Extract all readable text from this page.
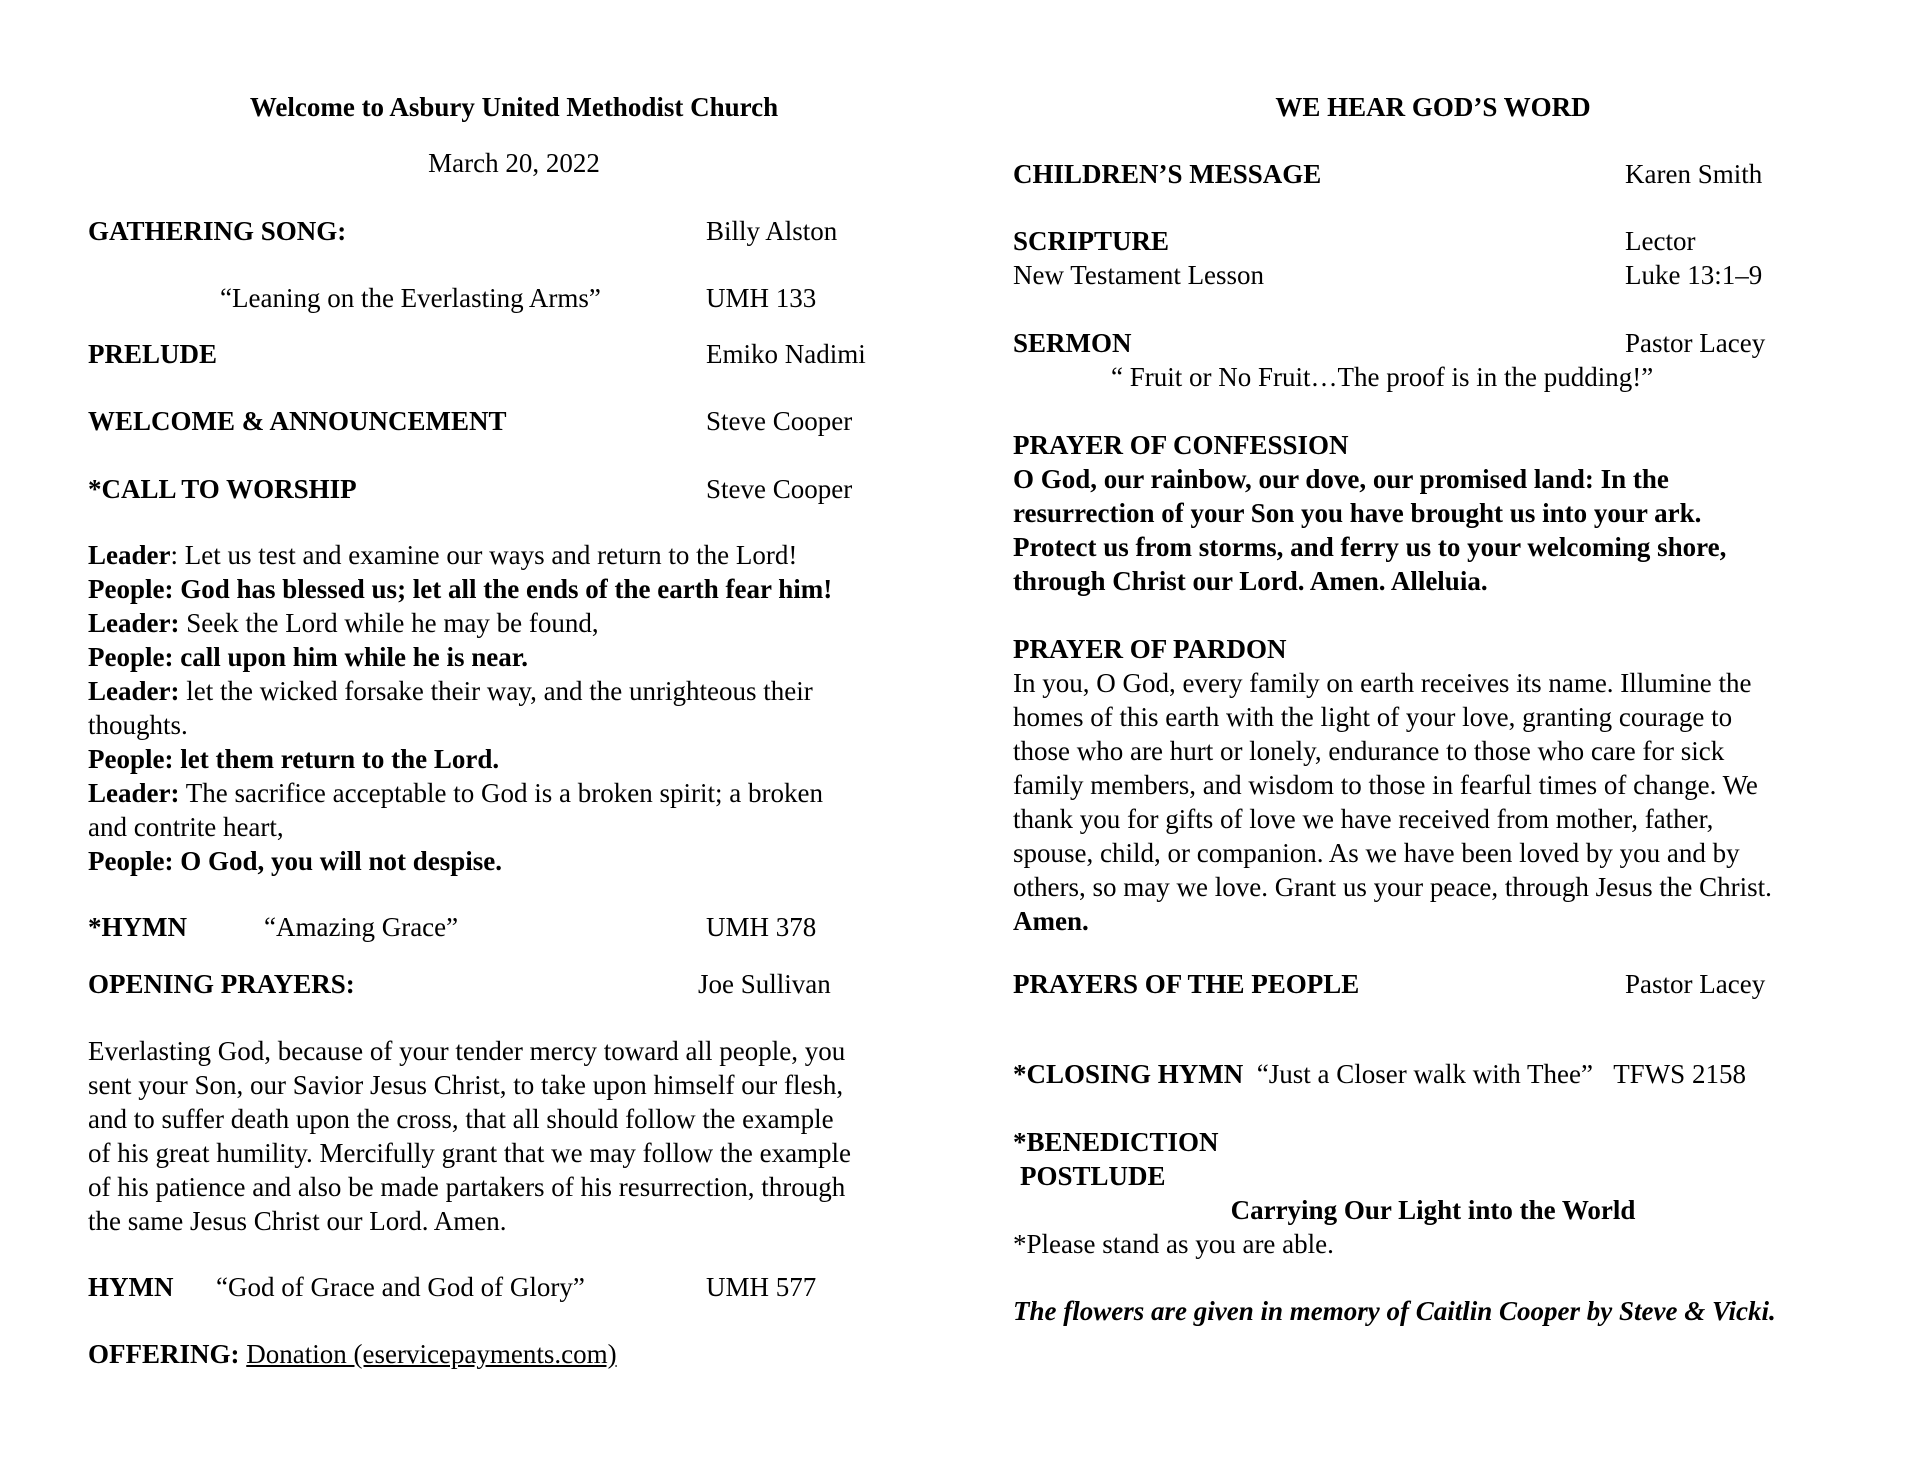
Welcome to Asbury United Methodist Church
March 20, 2022
GATHERING SONG:	Billy Alston
“Leaning on the Everlasting Arms”	UMH 133
PRELUDE	Emiko Nadimi
WELCOME & ANNOUNCEMENT	Steve Cooper
*CALL TO WORSHIP	Steve Cooper
Leader: Let us test and examine our ways and return to the Lord!
People: God has blessed us; let all the ends of the earth fear him!
Leader: Seek the Lord while he may be found,
People: call upon him while he is near.
Leader: let the wicked forsake their way, and the unrighteous their
thoughts.
People: let them return to the Lord.
Leader: The sacrifice acceptable to God is a broken spirit; a broken
and contrite heart,
People: O God, you will not despise.
*HYMN	“Amazing Grace”	UMH 378
OPENING PRAYERS:	Joe Sullivan
Everlasting God, because of your tender mercy toward all people, you
sent your Son, our Savior Jesus Christ, to take upon himself our flesh,
and to suffer death upon the cross, that all should follow the example
of his great humility. Mercifully grant that we may follow the example
of his patience and also be made partakers of his resurrection, through
the same Jesus Christ our Lord. Amen.
HYMN “God of Grace and God of Glory”	UMH 577
OFFERING: Donation (eservicepayments.com)
WE HEAR GOD’S WORD
CHILDREN’S MESSAGE	Karen Smith
SCRIPTURE	Lector
New Testament Lesson	Luke 13:1–9
SERMON	Pastor Lacey
“ Fruit or No Fruit…The proof is in the pudding!”
PRAYER OF CONFESSION
O God, our rainbow, our dove, our promised land: In the
resurrection of your Son you have brought us into your ark.
Protect us from storms, and ferry us to your welcoming shore,
through Christ our Lord. Amen. Alleluia.
PRAYER OF PARDON
In you, O God, every family on earth receives its name. Illumine the
homes of this earth with the light of your love, granting courage to
those who are hurt or lonely, endurance to those who care for sick
family members, and wisdom to those in fearful times of change. We
thank you for gifts of love we have received from mother, father,
spouse, child, or companion. As we have been loved by you and by
others, so may we love. Grant us your peace, through Jesus the Christ.
Amen.
PRAYERS OF THE PEOPLE	Pastor Lacey
*CLOSING HYMN “Just a Closer walk with Thee” TFWS 2158
*BENEDICTION
POSTLUDE
Carrying Our Light into the World
*Please stand as you are able.
The flowers are given in memory of Caitlin Cooper by Steve & Vicki.
